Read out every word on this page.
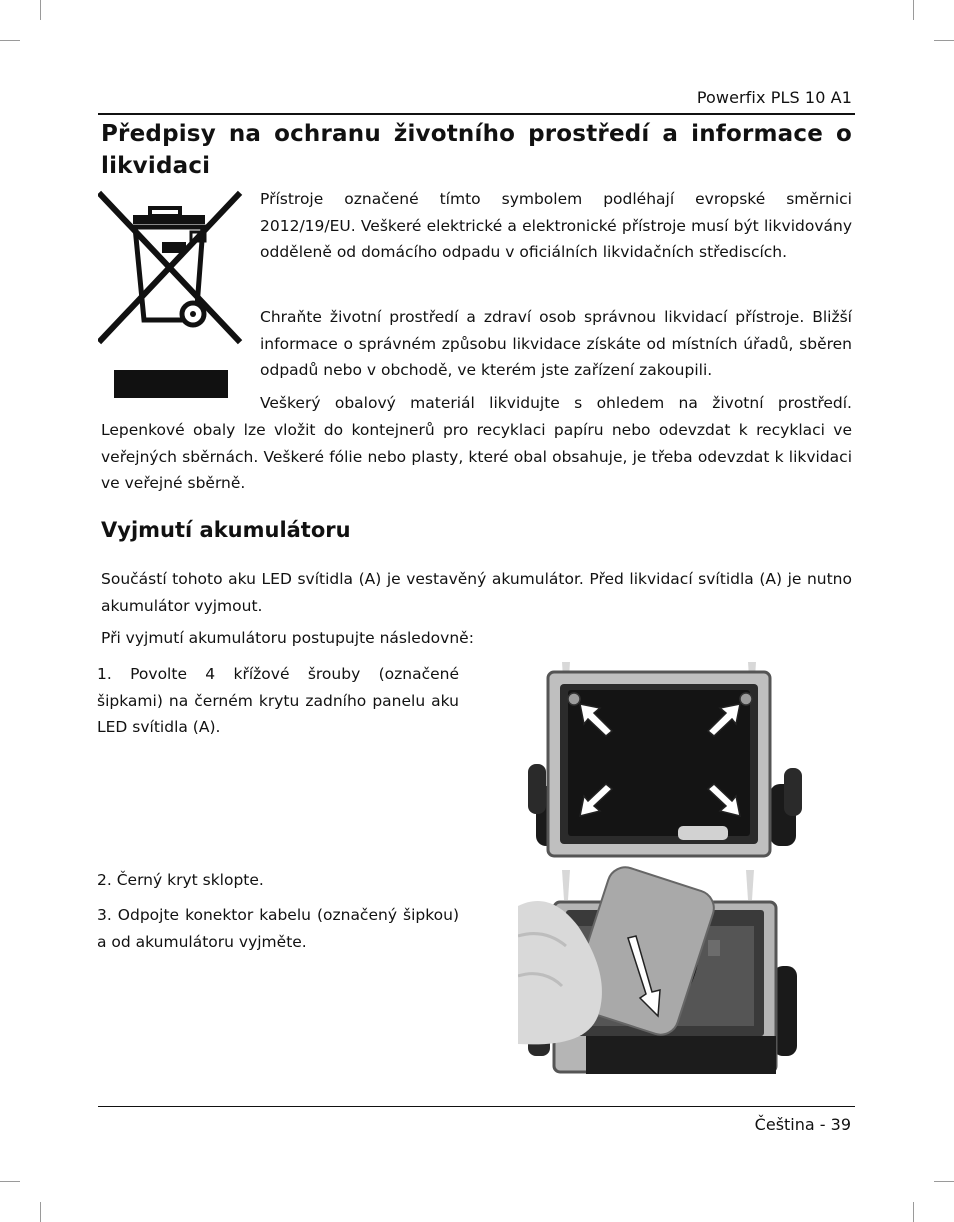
Powerfix PLS 10 A1
Předpisy na ochranu životního prostředí a informace o likvidaci

Přístroje označené tímto symbolem podléhají evropské směrnici 2012/19/EU. Veškeré elektrické a elektronické přístroje musí být likvidovány odděleně od domácího odpadu v oficiálních likvidačních střediscích.

Chraňte životní prostředí a zdraví osob správnou likvidací přístroje. Bližší informace o správném způsobu likvidace získáte od místních úřadů, sběren odpadů nebo v obchodě, ve kterém jste zařízení zakoupili.

Veškerý obalový materiál likvidujte s ohledem na životní prostředí.

Lepenkové obaly lze vložit do kontejnerů pro recyklaci papíru nebo odevzdat k recyklaci ve veřejných sběrnách. Veškeré fólie nebo plasty, které obal obsahuje, je třeba odevzdat k likvidaci ve veřejné sběrně.

Vyjmutí akumulátoru

Součástí tohoto aku LED svítidla (A) je vestavěný akumulátor. Před likvidací svítidla (A) je nutno akumulátor vyjmout.

Při vyjmutí akumulátoru postupujte následovně:

1. Povolte 4 křížové šrouby (označené šipkami) na černém krytu zadního panelu aku LED svítidla (A).

2. Černý kryt sklopte.

3. Odpojte konektor kabelu (označený šipkou) a od akumulátoru vyjměte.

Čeština - 39
